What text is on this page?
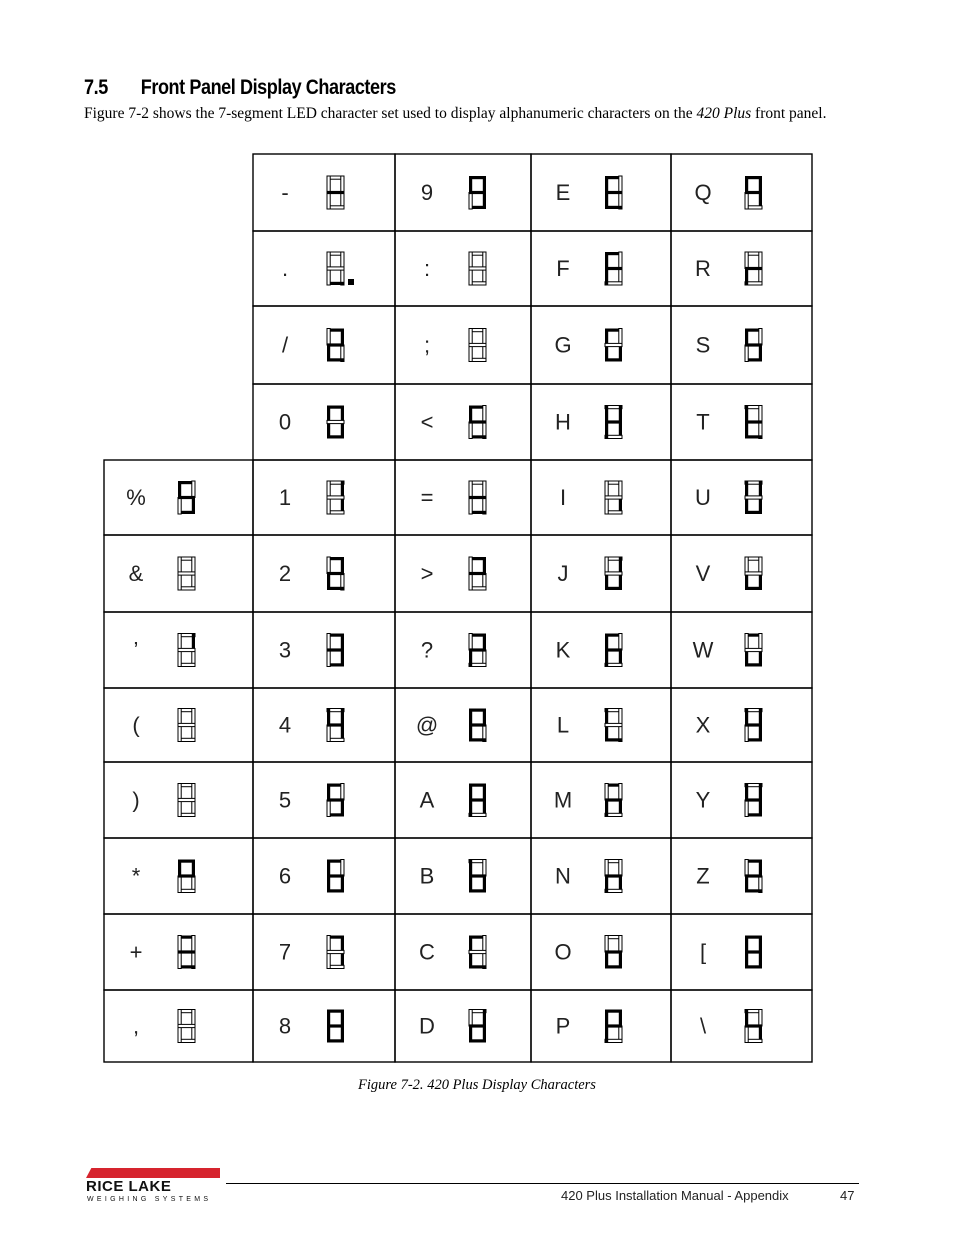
7.5 Front Panel Display Characters
Figure 7-2 shows the 7-segment LED character set used to display alphanumeric characters on the 420 Plus front panel.
%
&
’
(
)
*
+
,
-
.
/
0
1
2
3
4
5
6
7
8
9
:
;
<
=
>
?
@
A
B
C
D
E
F
G
H
I
J
K
L
M
N
O
P
Q
R
S
T
U
V
W
X
Y
Z
[
\
Figure 7-2. 420 Plus Display Characters
RICE LAKE
WEIGHING SYSTEMS	420 Plus Installation Manual - Appendix	47
